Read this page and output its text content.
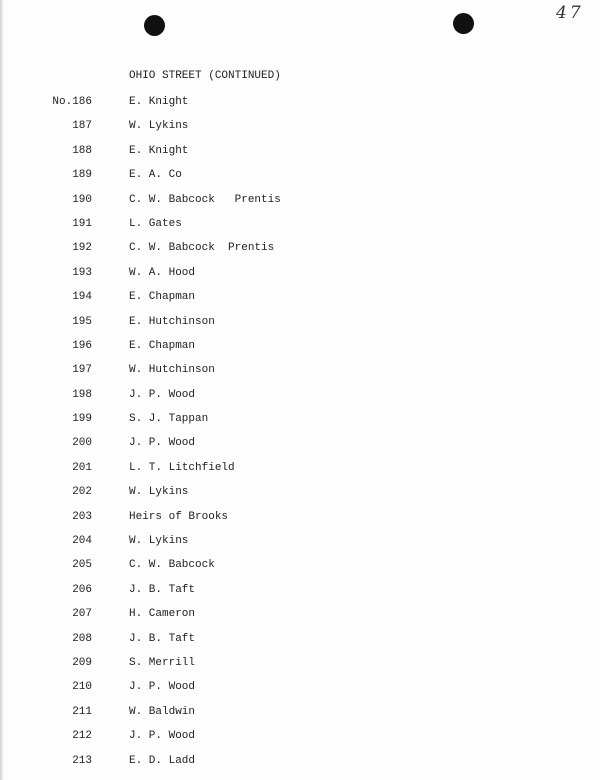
47
OHIO STREET (CONTINUED)
No.186	E. Knight
187	W. Lykins
188	E. Knight
189	E. A. Co
190	C. W. Babcock   Prentis
191	L. Gates
192	C. W. Babcock  Prentis
193	W. A. Hood
194	E. Chapman
195	E. Hutchinson
196	E. Chapman
197	W. Hutchinson
198	J. P. Wood
199	S. J. Tappan
200	J. P. Wood
201	L. T. Litchfield
202	W. Lykins
203	Heirs of Brooks
204	W. Lykins
205	C. W. Babcock
206	J. B. Taft
207	H. Cameron
208	J. B. Taft
209	S. Merrill
210	J. P. Wood
211	W. Baldwin
212	J. P. Wood
213	E. D. Ladd
